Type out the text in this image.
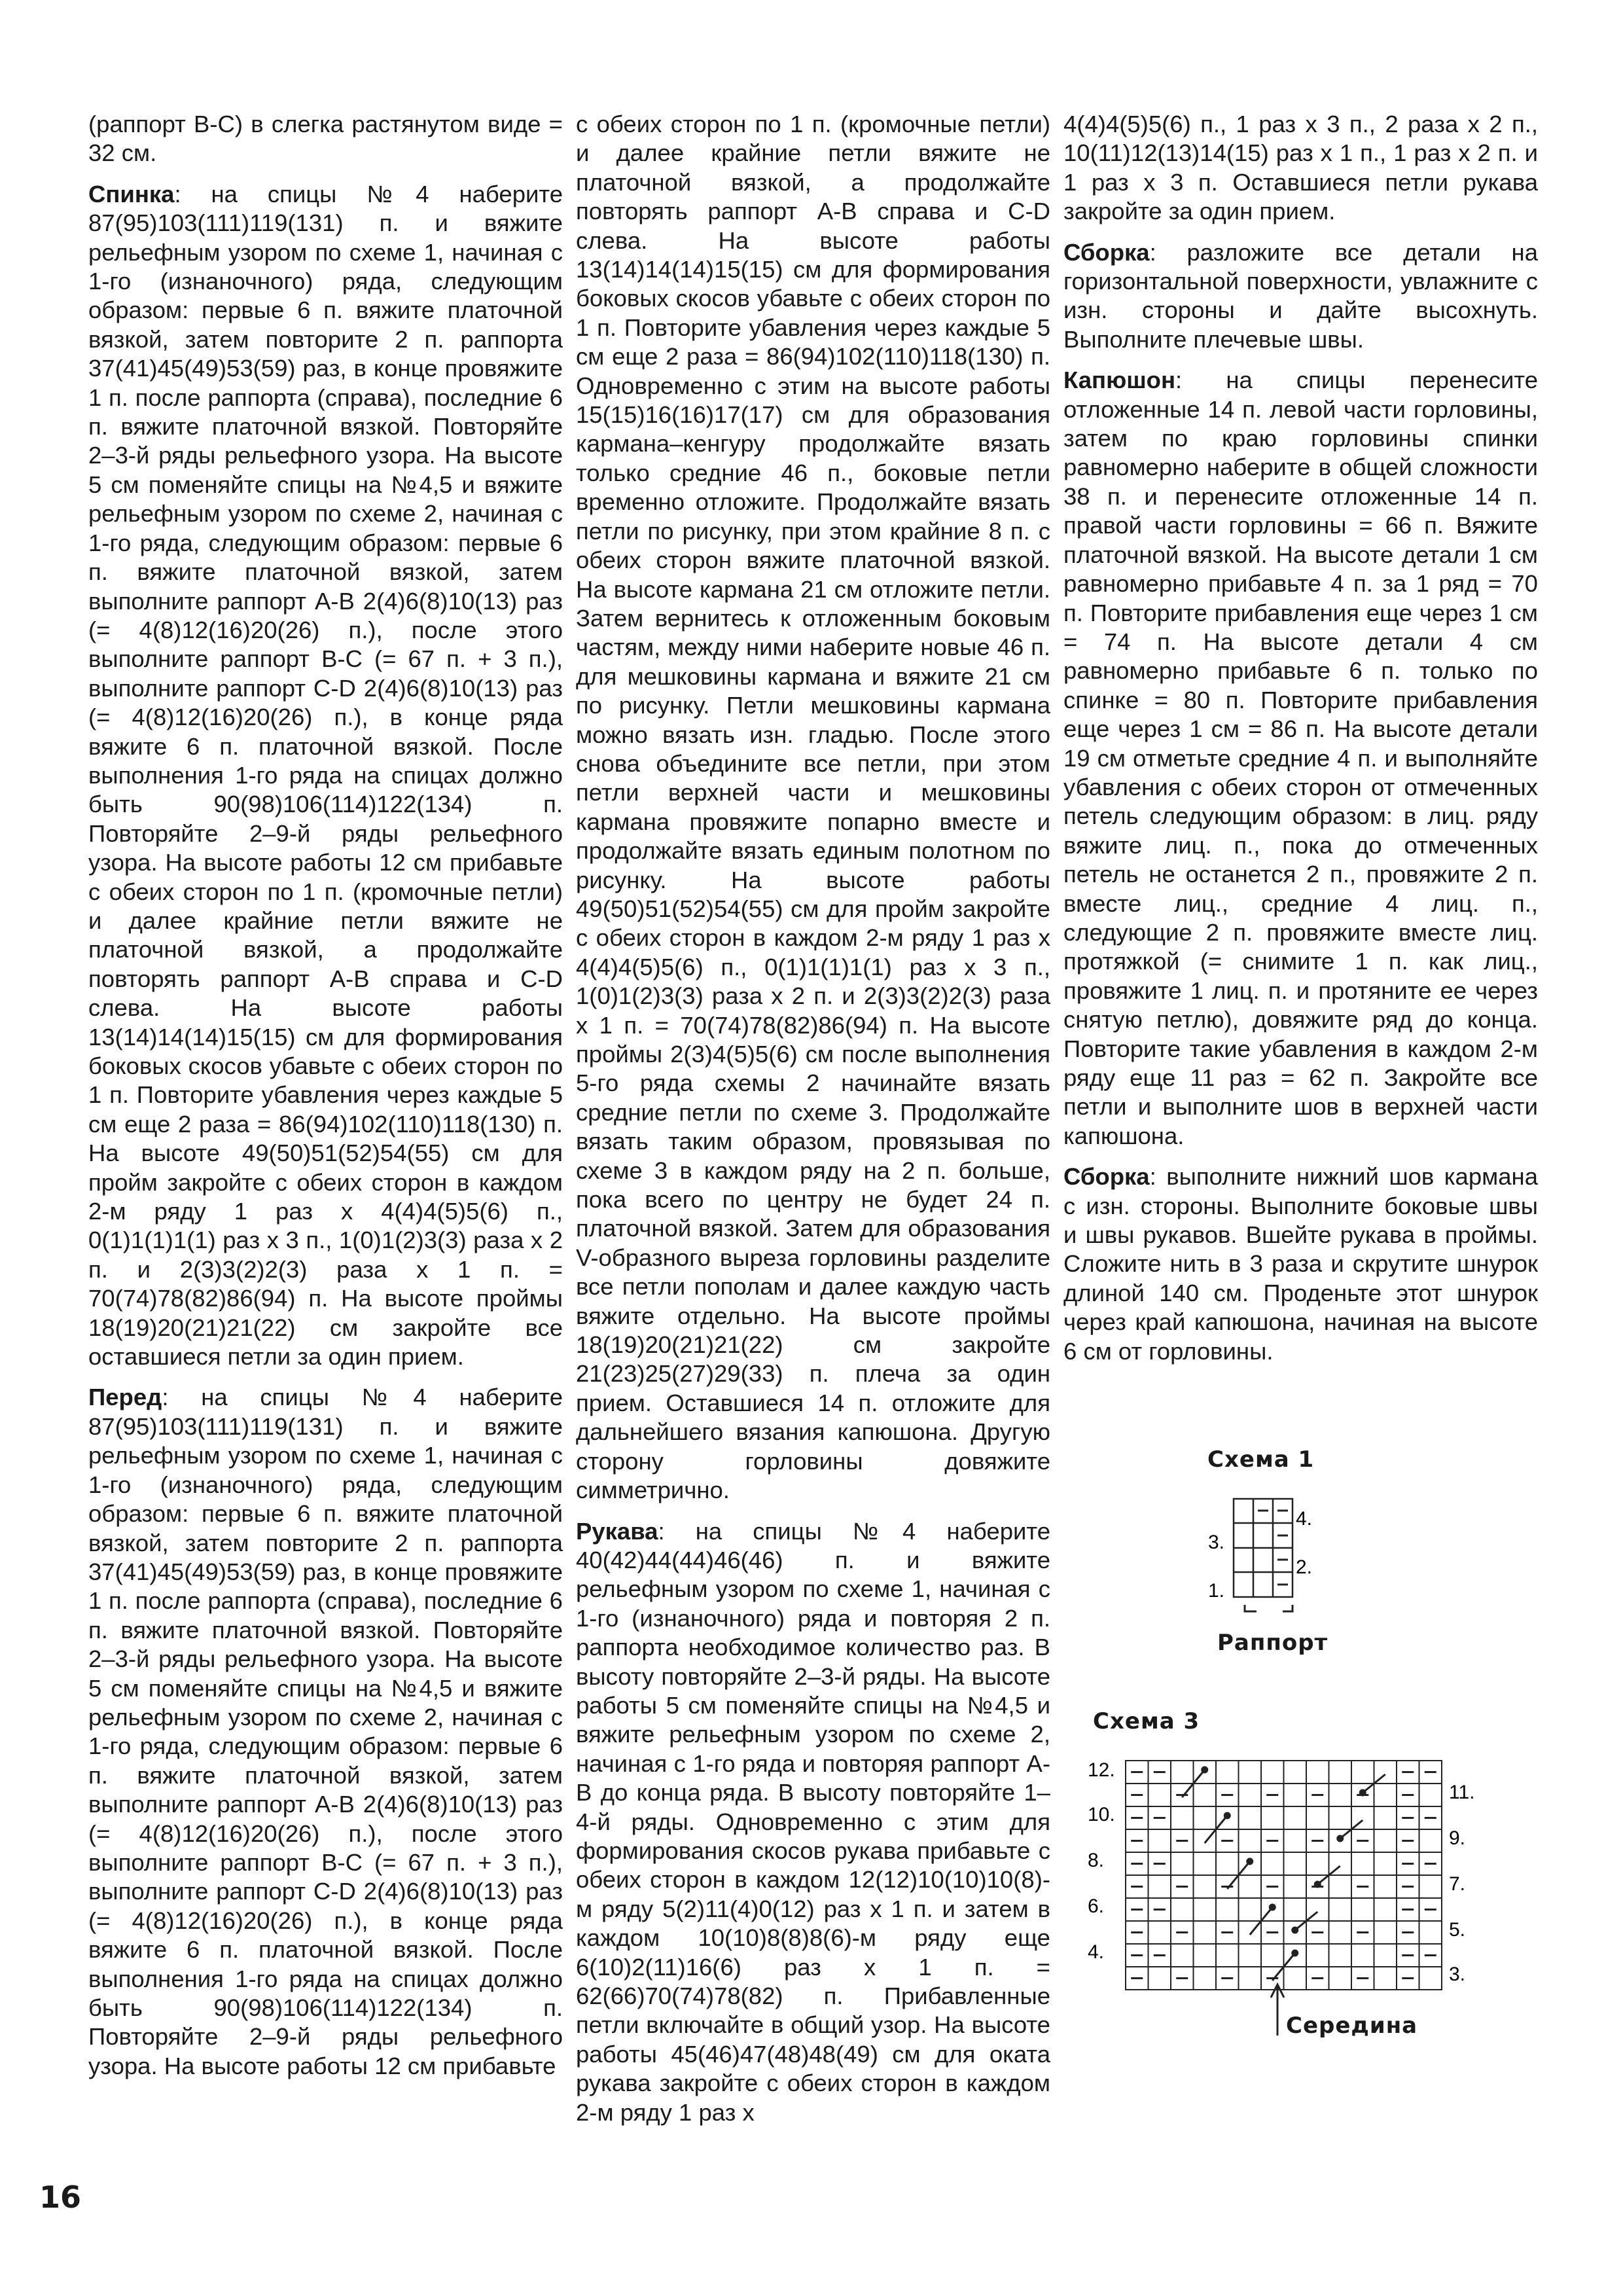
(раппорт В-С) в слегка растянутом виде = 32 см.

Спинка: на спицы №4 наберите 87(95)103(111)119(131) п. и вяжите рельефным узором по схеме 1, начиная с 1-го (изнаночного) ряда, следующим образом: первые 6 п. вяжите платочной вязкой, затем повторите 2 п. раппорта 37(41)45(49)53(59) раз, в конце провяжите 1 п. после раппорта (справа), последние 6 п. вяжите платочной вязкой. Повторяйте 2–3-й ряды рельефного узора. На высоте 5 см поменяйте спицы на №4,5 и вяжите рельефным узором по схеме 2, начиная с 1-го ряда, следующим образом: первые 6 п. вяжите платочной вязкой, затем выполните раппорт А-В 2(4)6(8)10(13) раз (= 4(8)12(16)20(26) п.), после этого выполните раппорт В-С (= 67 п. + 3 п.), выполните раппорт С-D 2(4)6(8)10(13) раз (= 4(8)12(16)20(26) п.), в конце ряда вяжите 6 п. платочной вязкой. После выполнения 1-го ряда на спицах должно быть 90(98)106(114)122(134) п. Повторяйте 2–9-й ряды рельефного узора. На высоте работы 12 см прибавьте с обеих сторон по 1 п. (кромочные петли) и далее крайние петли вяжите не платочной вязкой, а продолжайте повторять раппорт А-В справа и С-D слева. На высоте работы 13(14)14(14)15(15) см для формирования боковых скосов убавьте с обеих сторон по 1 п. Повторите убавления через каждые 5 см еще 2 раза = 86(94)102(110)118(130) п. На высоте 49(50)51(52)54(55) см для пройм закройте с обеих сторон в каждом 2-м ряду 1 раз х 4(4)4(5)5(6) п., 0(1)1(1)1(1) раз х 3 п., 1(0)1(2)3(3) раза х 2 п. и 2(3)3(2)2(3) раза х 1 п. = 70(74)78(82)86(94) п. На высоте проймы 18(19)20(21)21(22) см закройте все оставшиеся петли за один прием.

Перед: на спицы №4 наберите 87(95)103(111)119(131) п. и вяжите рельефным узором по схеме 1, начиная с 1-го (изнаночного) ряда, следующим образом: первые 6 п. вяжите платочной вязкой, затем повторите 2 п. раппорта 37(41)45(49)53(59) раз, в конце провяжите 1 п. после раппорта (справа), последние 6 п. вяжите платочной вязкой. Повторяйте 2–3-й ряды рельефного узора. На высоте 5 см поменяйте спицы на №4,5 и вяжите рельефным узором по схеме 2, начиная с 1-го ряда, следующим образом: первые 6 п. вяжите платочной вязкой, затем выполните раппорт А-В 2(4)6(8)10(13) раз (= 4(8)12(16)20(26) п.), после этого выполните раппорт В-С (= 67 п. + 3 п.), выполните раппорт С-D 2(4)6(8)10(13) раз (= 4(8)12(16)20(26) п.), в конце ряда вяжите 6 п. платочной вязкой. После выполнения 1-го ряда на спицах должно быть 90(98)106(114)122(134) п. Повторяйте 2–9-й ряды рельефного узора. На высоте работы 12 см прибавьте

с обеих сторон по 1 п. (кромочные петли) и далее крайние петли вяжите не платочной вязкой, а продолжайте повторять раппорт А-В справа и С-D слева. На высоте работы 13(14)14(14)15(15) см для формирования боковых скосов убавьте с обеих сторон по 1 п. Повторите убавления через каждые 5 см еще 2 раза = 86(94)102(110)118(130) п. Одновременно с этим на высоте работы 15(15)16(16)17(17) см для образования кармана–кенгуру продолжайте вязать только средние 46 п., боковые петли временно отложите. Продолжайте вязать петли по рисунку, при этом крайние 8 п. с обеих сторон вяжите платочной вязкой. На высоте кармана 21 см отложите петли. Затем вернитесь к отложенным боковым частям, между ними наберите новые 46 п. для мешковины кармана и вяжите 21 см по рисунку. Петли мешковины кармана можно вязать изн. гладью. После этого снова объедините все петли, при этом петли верхней части и мешковины кармана провяжите попарно вместе и продолжайте вязать единым полотном по рисунку. На высоте работы 49(50)51(52)54(55) см для пройм закройте с обеих сторон в каждом 2-м ряду 1 раз х 4(4)4(5)5(6) п., 0(1)1(1)1(1) раз х 3 п., 1(0)1(2)3(3) раза х 2 п. и 2(3)3(2)2(3) раза х 1 п. = 70(74)78(82)86(94) п. На высоте проймы 2(3)4(5)5(6) см после выполнения 5-го ряда схемы 2 начинайте вязать средние петли по схеме 3. Продолжайте вязать таким образом, провязывая по схеме 3 в каждом ряду на 2 п. больше, пока всего по центру не будет 24 п. платочной вязкой. Затем для образования V-образного выреза горловины разделите все петли пополам и далее каждую часть вяжите отдельно. На высоте проймы 18(19)20(21)21(22) см закройте 21(23)25(27)29(33) п. плеча за один прием. Оставшиеся 14 п. отложите для дальнейшего вязания капюшона. Другую сторону горловины довяжите симметрично.

Рукава: на спицы №4 наберите 40(42)44(44)46(46) п. и вяжите рельефным узором по схеме 1, начиная с 1-го (изнаночного) ряда и повторяя 2 п. раппорта необходимое количество раз. В высоту повторяйте 2–3-й ряды. На высоте работы 5 см поменяйте спицы на №4,5 и вяжите рельефным узором по схеме 2, начиная с 1-го ряда и повторяя раппорт А-В до конца ряда. В высоту повторяйте 1–4-й ряды. Одновременно с этим для формирования скосов рукава прибавьте с обеих сторон в каждом 12(12)10(10)10(8)-м ряду 5(2)11(4)0(12) раз х 1 п. и затем в каждом 10(10)8(8)8(6)-м ряду еще 6(10)2(11)16(6) раз х 1 п. = 62(66)70(74)78(82) п. Прибавленные петли включайте в общий узор. На высоте работы 45(46)47(48)48(49) см для оката рукава закройте с обеих сторон в каждом 2-м ряду 1 раз х

4(4)4(5)5(6) п., 1 раз х 3 п., 2 раза х 2 п., 10(11)12(13)14(15) раз х 1 п., 1 раз х 2 п. и 1 раз х 3 п. Оставшиеся петли рукава закройте за один прием.

Сборка: разложите все детали на горизонтальной поверхности, увлажните с изн. стороны и дайте высохнуть. Выполните плечевые швы.

Капюшон: на спицы перенесите отложенные 14 п. левой части горловины, затем по краю горловины спинки равномерно наберите в общей сложности 38 п. и перенесите отложенные 14 п. правой части горловины = 66 п. Вяжите платочной вязкой. На высоте детали 1 см равномерно прибавьте 4 п. за 1 ряд = 70 п. Повторите прибавления еще через 1 см = 74 п. На высоте детали 4 см равномерно прибавьте 6 п. только по спинке = 80 п. Повторите прибавления еще через 1 см = 86 п. На высоте детали 19 см отметьте средние 4 п. и выполняйте убавления с обеих сторон от отмеченных петель следующим образом: в лиц. ряду вяжите лиц. п., пока до отмеченных петель не останется 2 п., провяжите 2 п. вместе лиц., средние 4 лиц. п., следующие 2 п. провяжите вместе лиц. протяжкой (= снимите 1 п. как лиц., провяжите 1 лиц. п. и протяните ее через снятую петлю), довяжите ряд до конца. Повторите такие убавления в каждом 2-м ряду еще 11 раз = 62 п. Закройте все петли и выполните шов в верхней части капюшона.

Сборка: выполните нижний шов кармана с изн. стороны. Выполните боковые швы и швы рукавов. Вшейте рукава в проймы. Сложите нить в 3 раза и скрутите шнурок длиной 140 см. Проденьте этот шнурок через край капюшона, начиная на высоте 6 см от горловины.

Схема 1
3.
1.
4.
2.
Раппорт
Схема 3
12.
10.
8.
6.
4.
11.
9.
7.
5.
3.
Середина
16
